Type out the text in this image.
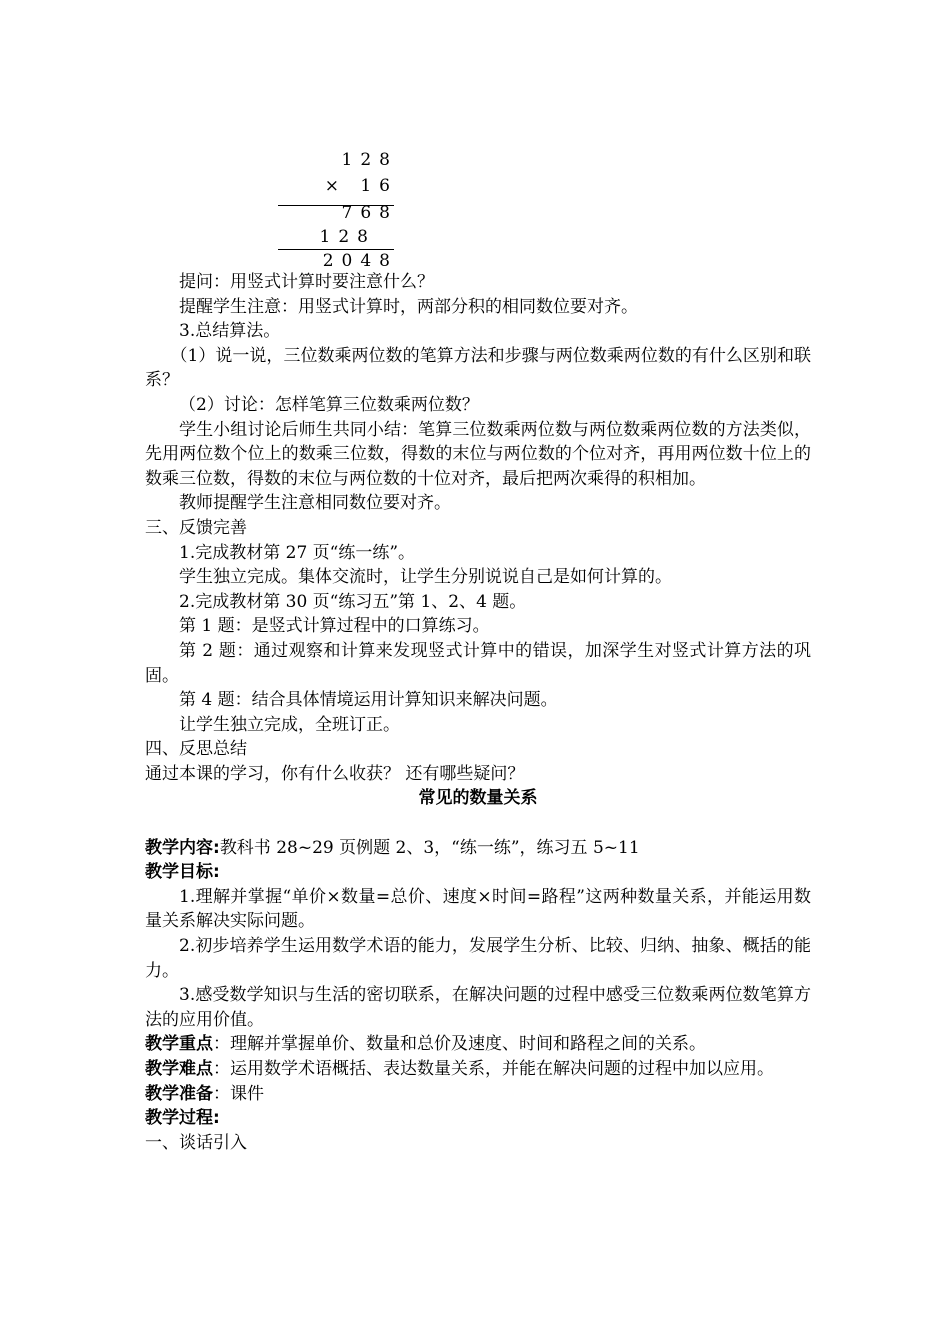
128
× 16
768
128
2048

提问：用竖式计算时要注意什么？

提醒学生注意：用竖式计算时，两部分积的相同数位要对齐。

3.总结算法。

（1）说一说，三位数乘两位数的笔算方法和步骤与两位数乘两位数的有什么区别和联系？

（2）讨论：怎样笔算三位数乘两位数？

学生小组讨论后师生共同小结：笔算三位数乘两位数与两位数乘两位数的方法类似，先用两位数个位上的数乘三位数，得数的末位与两位数的个位对齐，再用两位数十位上的数乘三位数，得数的末位与两位数的十位对齐，最后把两次乘得的积相加。

教师提醒学生注意相同数位要对齐。

三、反馈完善

1.完成教材第 27 页“练一练”。

学生独立完成。集体交流时，让学生分别说说自己是如何计算的。

2.完成教材第 30 页“练习五”第 1、2、4 题。

第 1 题：是竖式计算过程中的口算练习。

第 2 题：通过观察和计算来发现竖式计算中的错误，加深学生对竖式计算方法的巩固。

第 4 题：结合具体情境运用计算知识来解决问题。

让学生独立完成，全班订正。

四、反思总结

通过本课的学习，你有什么收获？ 还有哪些疑问？

常见的数量关系

教学内容:教科书 28~29 页例题 2、3，“练一练”，练习五 5~11

教学目标:

1.理解并掌握“单价×数量=总价、速度×时间=路程”这两种数量关系，并能运用数量关系解决实际问题。

2.初步培养学生运用数学术语的能力，发展学生分析、比较、归纳、抽象、概括的能力。

3.感受数学知识与生活的密切联系，在解决问题的过程中感受三位数乘两位数笔算方法的应用价值。

教学重点：理解并掌握单价、数量和总价及速度、时间和路程之间的关系。

教学难点：运用数学术语概括、表达数量关系，并能在解决问题的过程中加以应用。

教学准备：课件

教学过程:

一、谈话引入
